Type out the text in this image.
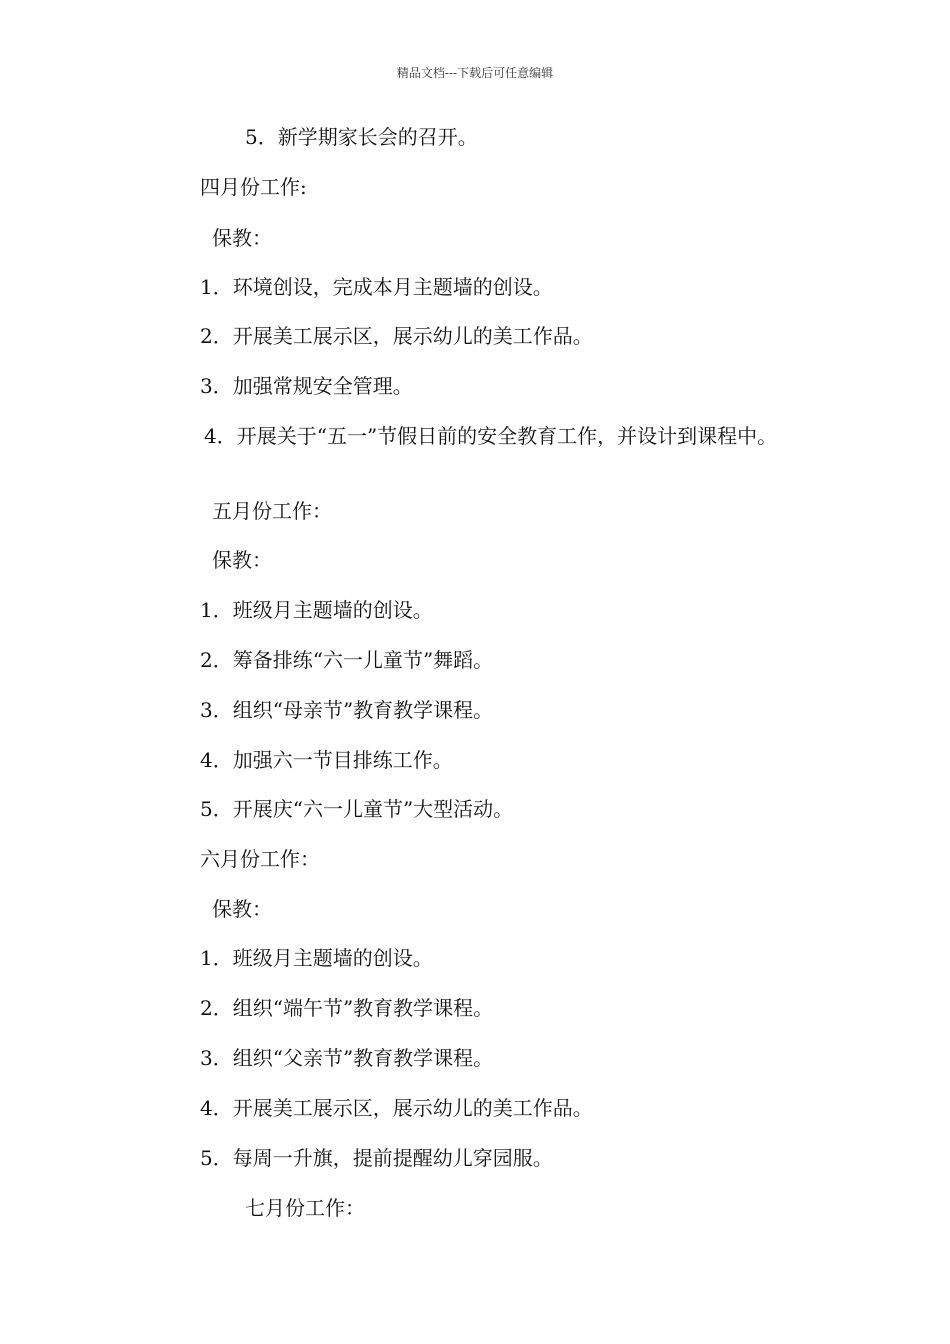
精品文档---下载后可任意编辑
5．新学期家长会的召开。
四月份工作:
保教：
1．环境创设，完成本月主题墙的创设。
2．开展美工展示区，展示幼儿的美工作品。
3．加强常规安全管理。
4．开展关于“五一”节假日前的安全教育工作，并设计到课程中。
五月份工作：
保教：
1．班级月主题墙的创设。
2．筹备排练“六一儿童节”舞蹈。
3．组织“母亲节”教育教学课程。
4．加强六一节目排练工作。
5．开展庆“六一儿童节”大型活动。
六月份工作：
保教：
1．班级月主题墙的创设。
2．组织“端午节”教育教学课程。
3．组织“父亲节”教育教学课程。
4．开展美工展示区，展示幼儿的美工作品。
5．每周一升旗，提前提醒幼儿穿园服。
七月份工作：
